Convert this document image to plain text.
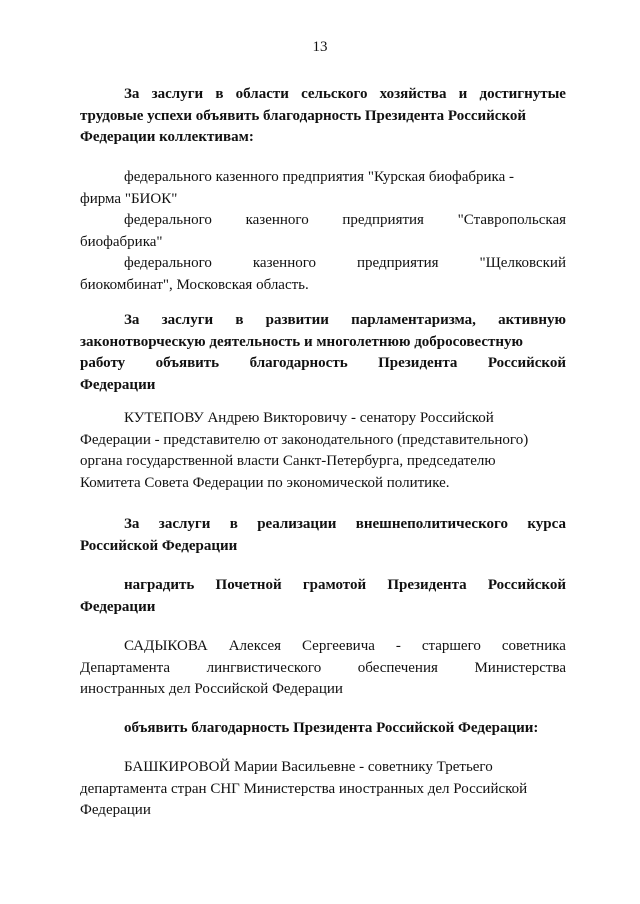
13
За заслуги в области сельского хозяйства и достигнутые
трудовые успехи объявить благодарность Президента Российской
Федерации коллективам:
федерального казенного предприятия "Курская биофабрика -
фирма "БИОК"
федерального казенного предприятия "Ставропольская
биофабрика"
федерального	казенного	предприятия	"Щелковский
биокомбинат", Московская область.
За заслуги в развитии парламентаризма, активную
законотворческую деятельность и многолетнюю добросовестную
работу объявить благодарность Президента Российской
Федерации
КУТЕПОВУ Андрею Викторовичу - сенатору Российской
Федерации - представителю от законодательного (представительного)
органа государственной власти Санкт-Петербурга, председателю
Комитета Совета Федерации по экономической политике.
За заслуги в реализации внешнеполитического курса
Российской Федерации
наградить Почетной грамотой Президента Российской
Федерации
САДЫКОВА Алексея Сергеевича - старшего советника
Департамента лингвистического обеспечения Министерства
иностранных дел Российской Федерации
объявить благодарность Президента Российской Федерации:
БАШКИРОВОЙ Марии Васильевне - советнику Третьего
департамента стран СНГ Министерства иностранных дел Российской
Федерации
